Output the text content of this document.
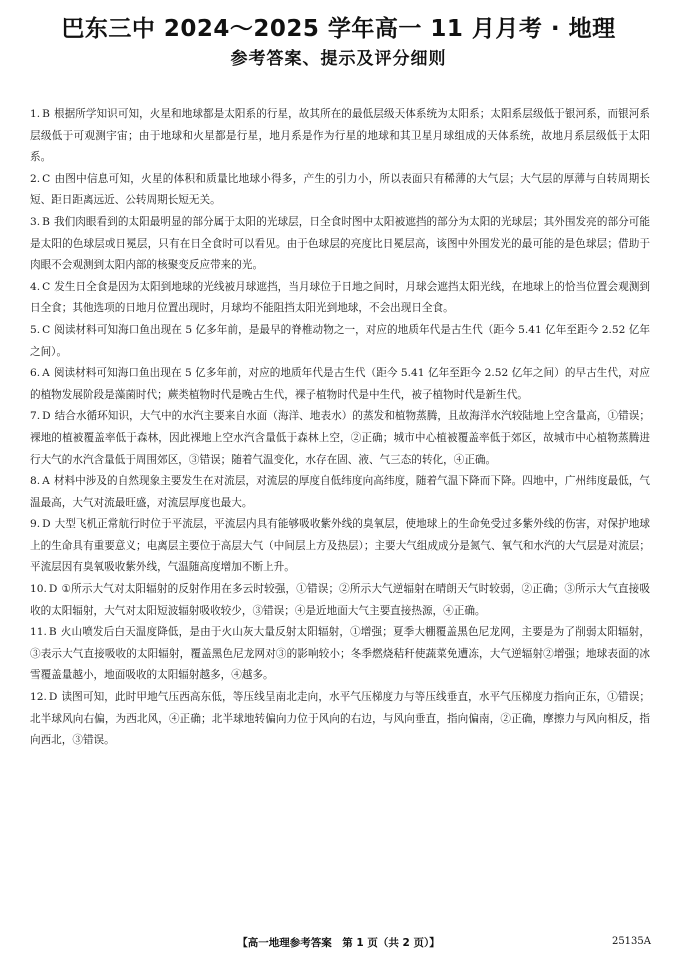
巴东三中 2024～2025 学年高一 11 月月考 · 地理
参考答案、提示及评分细则

1. B 根据所学知识可知，火星和地球都是太阳系的行星，故其所在的最低层级天体系统为太阳系；太阳系层级低于银河系，而银河系层级低于可观测宇宙；由于地球和火星都是行星，地月系是作为行星的地球和其卫星月球组成的天体系统，故地月系层级低于太阳系。

2. C 由图中信息可知，火星的体积和质量比地球小得多，产生的引力小，所以表面只有稀薄的大气层；大气层的厚薄与自转周期长短、距日距离远近、公转周期长短无关。

3. B 我们肉眼看到的太阳最明显的部分属于太阳的光球层，日全食时图中太阳被遮挡的部分为太阳的光球层；其外围发亮的部分可能是太阳的色球层或日冕层，只有在日全食时可以看见。由于色球层的亮度比日冕层高，该图中外围发光的最可能的是色球层；借助于肉眼不会观测到太阳内部的核聚变反应带来的光。

4. C 发生日全食是因为太阳到地球的光线被月球遮挡，当月球位于日地之间时，月球会遮挡太阳光线，在地球上的恰当位置会观测到日全食；其他选项的日地月位置出现时，月球均不能阻挡太阳光到地球，不会出现日全食。

5. C 阅读材料可知海口鱼出现在 5 亿多年前，是最早的脊椎动物之一，对应的地质年代是古生代（距今 5.41 亿年至距今 2.52 亿年之间）。

6. A 阅读材料可知海口鱼出现在 5 亿多年前，对应的地质年代是古生代（距今 5.41 亿年至距今 2.52 亿年之间）的早古生代，对应的植物发展阶段是藻菌时代；蕨类植物时代是晚古生代，裸子植物时代是中生代，被子植物时代是新生代。

7. D 结合水循环知识，大气中的水汽主要来自水面（海洋、地表水）的蒸发和植物蒸腾，且故海洋水汽较陆地上空含量高，①错误；裸地的植被覆盖率低于森林，因此裸地上空水汽含量低于森林上空，②正确；城市中心植被覆盖率低于郊区，故城市中心植物蒸腾进行大气的水汽含量低于周围郊区，③错误；随着气温变化，水存在固、液、气三态的转化，④正确。

8. A 材料中涉及的自然现象主要发生在对流层，对流层的厚度自低纬度向高纬度，随着气温下降而下降。四地中，广州纬度最低，气温最高，大气对流最旺盛，对流层厚度也最大。

9. D 大型飞机正常航行时位于平流层，平流层内具有能够吸收紫外线的臭氧层，使地球上的生命免受过多紫外线的伤害，对保护地球上的生命具有重要意义；电离层主要位于高层大气（中间层上方及热层）；主要大气组成成分是氮气、氧气和水汽的大气层是对流层；平流层因有臭氧吸收紫外线，气温随高度增加不断上升。

10. D ①所示大气对太阳辐射的反射作用在多云时较强，①错误；②所示大气逆辐射在晴朗天气时较弱，②正确；③所示大气直接吸收的太阳辐射，大气对太阳短波辐射吸收较少，③错误；④是近地面大气主要直接热源，④正确。

11. B 火山喷发后白天温度降低，是由于火山灰大量反射太阳辐射，①增强；夏季大棚覆盖黑色尼龙网，主要是为了削弱太阳辐射，③表示大气直接吸收的太阳辐射，覆盖黑色尼龙网对③的影响较小；冬季燃烧秸秆使蔬菜免遭冻，大气逆辐射②增强；地球表面的冰雪覆盖量越小，地面吸收的太阳辐射越多，④越多。

12. D 读图可知，此时甲地气压西高东低，等压线呈南北走向，水平气压梯度力与等压线垂直，水平气压梯度力指向正东，①错误；北半球风向右偏，为西北风，④正确；北半球地转偏向力位于风向的右边，与风向垂直，指向偏南，②正确，摩擦力与风向相反，指向西北，③错误。

【高一地理参考答案　第 1 页（共 2 页）】	25135A
